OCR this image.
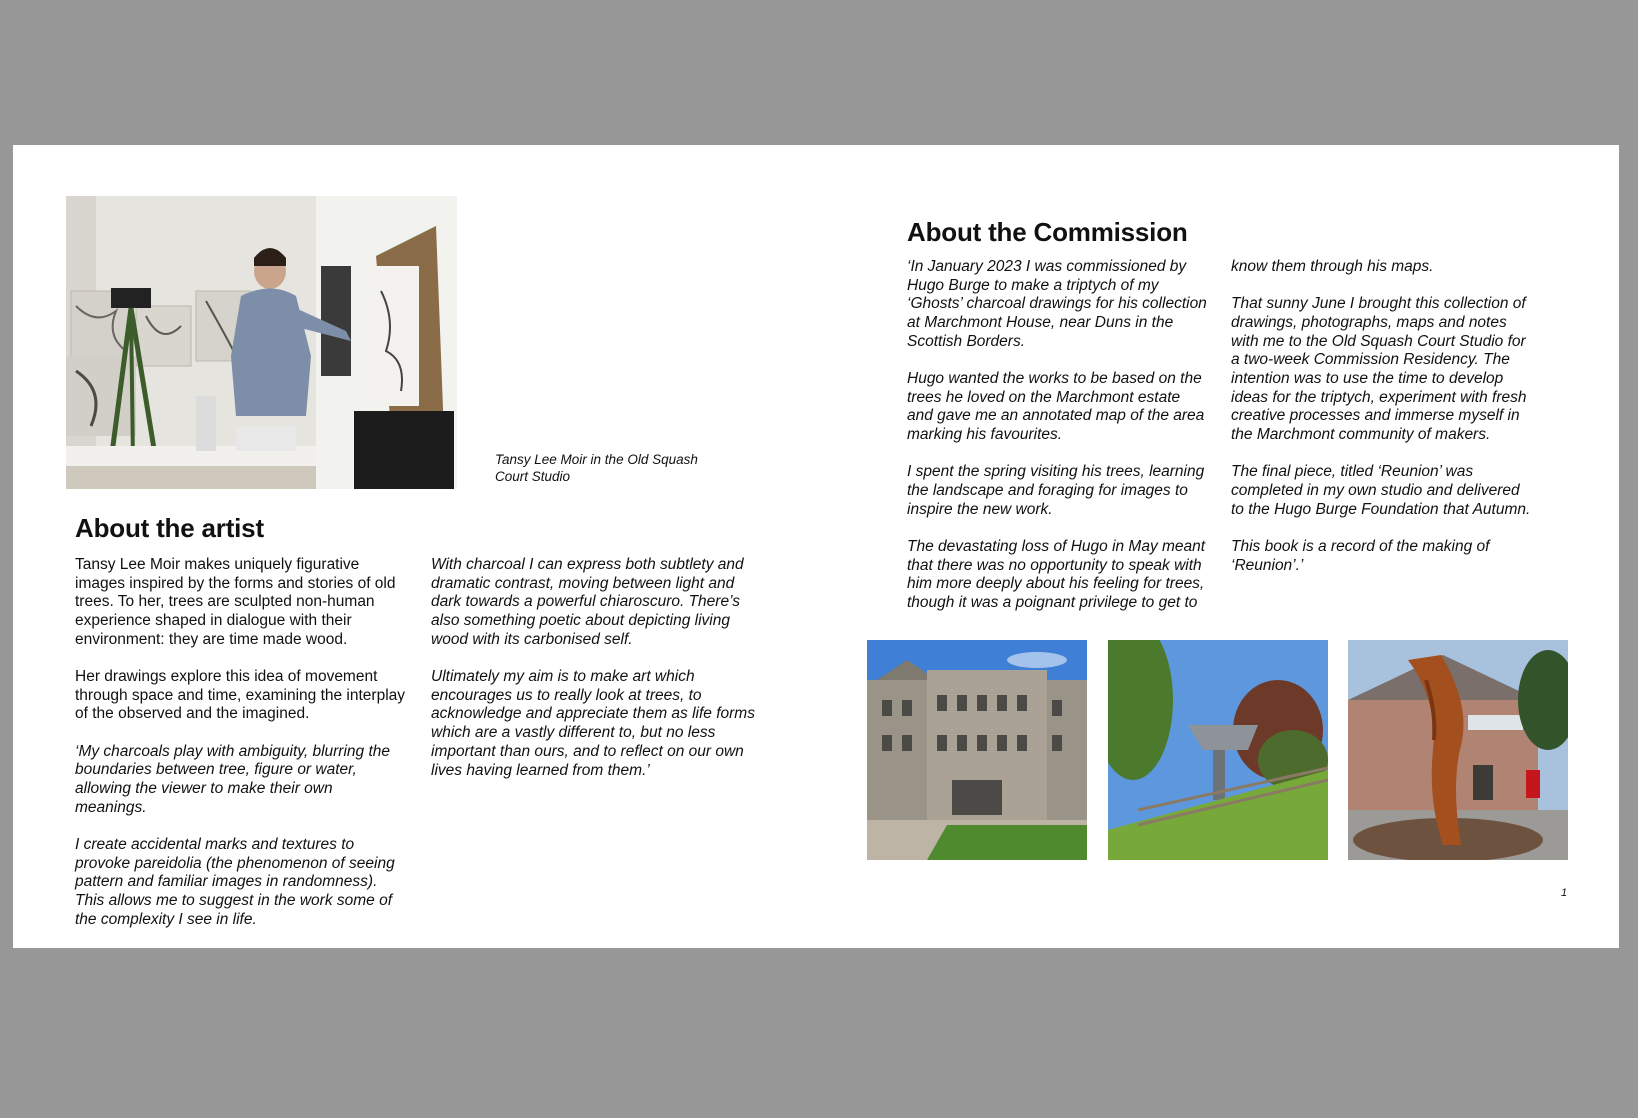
Tansy Lee Moir in the Old Squash
Court Studio
About the artist

Tansy Lee Moir makes uniquely figurative images inspired by the forms and stories of old trees. To her, trees are sculpted non-human experience shaped in dialogue with their environment: they are time made wood.

Her drawings explore this idea of movement through space and time, examining the interplay of the observed and the imagined.

‘My charcoals play with ambiguity, blurring the boundaries between tree, figure or water, allowing the viewer to make their own meanings.

I create accidental marks and textures to provoke pareidolia (the phenomenon of seeing pattern and familiar images in randomness). This allows me to suggest in the work some of the complexity I see in life.

With charcoal I can express both subtlety and dramatic contrast, moving between light and dark towards a powerful chiaroscuro. There’s also something poetic about depicting living wood with its carbonised self.

Ultimately my aim is to make art which encourages us to really look at trees, to acknowledge and appreciate them as life forms which are a vastly different to, but no less important than ours, and to reflect on our own lives having learned from them.’

About the Commission

‘In January 2023 I was commissioned by Hugo Burge to make a triptych of my ‘Ghosts’ charcoal drawings for his collection at Marchmont House, near Duns in the Scottish Borders.

Hugo wanted the works to be based on the trees he loved on the Marchmont estate and gave me an annotated map of the area marking his favourites.

I spent the spring visiting his trees, learning the landscape and foraging for images to inspire the new work.

The devastating loss of Hugo in May meant that there was no opportunity to speak with him more deeply about his feeling for trees, though it was a poignant privilege to get to

know them through his maps.

That sunny June I brought this collection of drawings, photographs, maps and notes with me to the Old Squash Court Studio for a two-week Commission Residency. The intention was to use the time to develop ideas for the triptych, experiment with fresh creative processes and immerse myself in the Marchmont community of makers.

The final piece, titled ‘Reunion’ was completed in my own studio and delivered to the Hugo Burge Foundation that Autumn.

This book is a record of the making of ‘Reunion’.’

1
